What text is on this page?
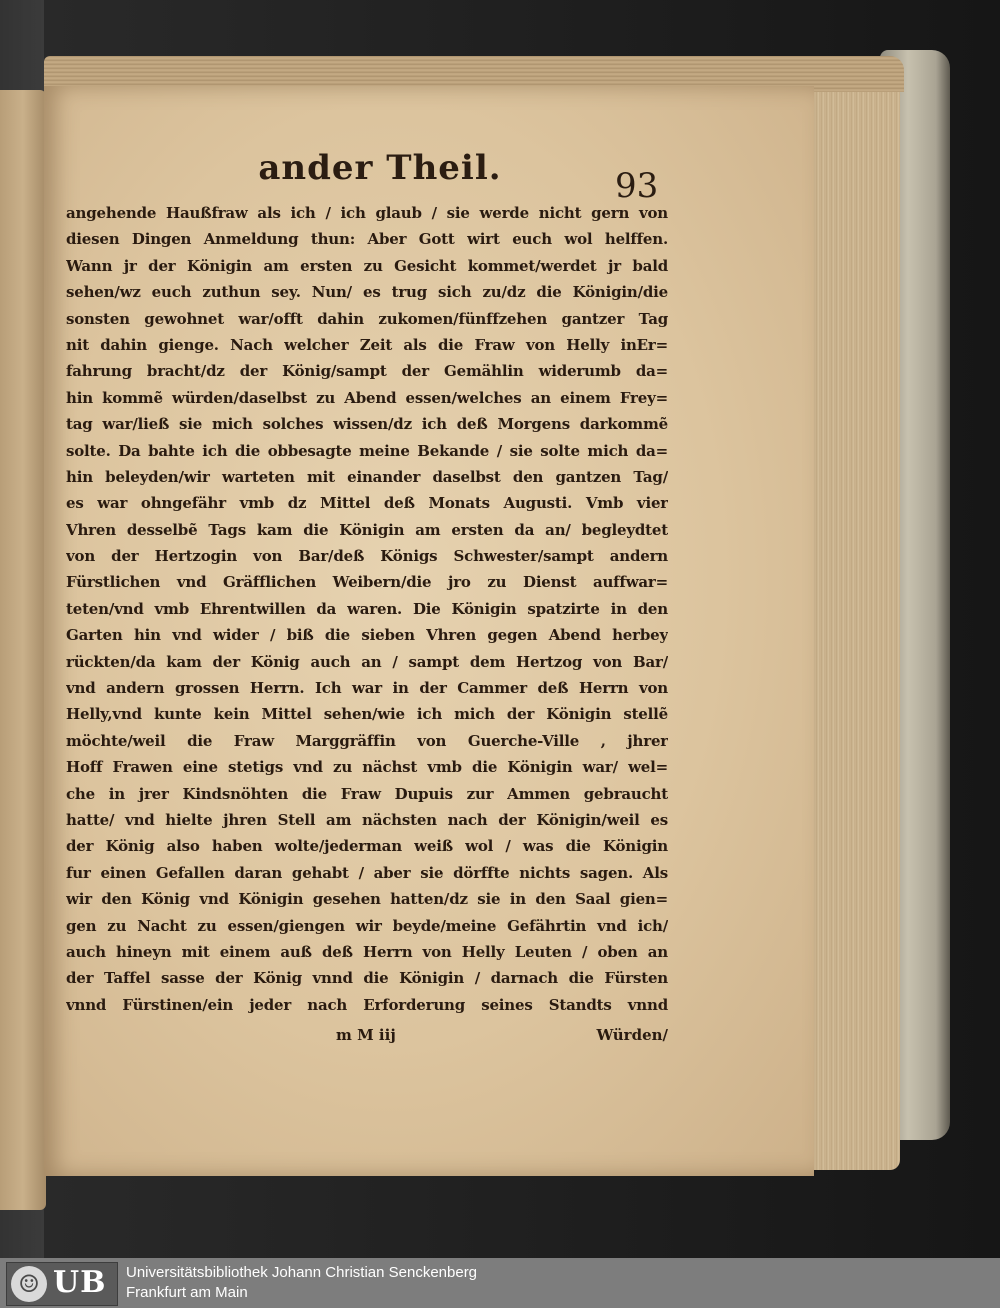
ander Theil.	93
angehende Haußfraw als ich / ich glaub / sie werde nicht gern von
diesen Dingen Anmeldung thun: Aber Gott wirt euch wol helffen.
Wann jr der Königin am ersten zu Gesicht kommet/werdet jr bald
sehen/wz euch zuthun sey. Nun/ es trug sich zu/dz die Königin/die
sonsten gewohnet war/offt dahin zukomen/fünffzehen gantzer Tag
nit dahin gienge. Nach welcher Zeit als die Fraw von Helly inEr=
fahrung bracht/dz der König/sampt der Gemählin widerumb da=
hin kommẽ würden/daselbst zu Abend essen/welches an einem Frey=
tag war/ließ sie mich solches wissen/dz ich deß Morgens darkommẽ
solte. Da bahte ich die obbesagte meine Bekande / sie solte mich da=
hin beleyden/wir warteten mit einander daselbst den gantzen Tag/
es war ohngefähr vmb dz Mittel deß Monats Augusti. Vmb vier
Vhren desselbẽ Tags kam die Königin am ersten da an/ begleydtet
von der Hertzogin von Bar/deß Königs Schwester/sampt andern
Fürstlichen vnd Gräfflichen Weibern/die jro zu Dienst auffwar=
teten/vnd vmb Ehrentwillen da waren. Die Königin spatzirte in den
Garten hin vnd wider / biß die sieben Vhren gegen Abend herbey
rückten/da kam der König auch an / sampt dem Hertzog von Bar/
vnd andern grossen Herrn. Ich war in der Cammer deß Herrn von
Helly,vnd kunte kein Mittel sehen/wie ich mich der Königin stellẽ
möchte/weil die Fraw Marggräffin von Guerche-Ville , jhrer
Hoff Frawen eine stetigs vnd zu nächst vmb die Königin war/ wel=
che in jrer Kindsnöhten die Fraw Dupuis zur Ammen gebraucht
hatte/ vnd hielte jhren Stell am nächsten nach der Königin/weil es
der König also haben wolte/jederman weiß wol / was die Königin
fur einen Gefallen daran gehabt / aber sie dörffte nichts sagen. Als
wir den König vnd Königin gesehen hatten/dz sie in den Saal gien=
gen zu Nacht zu essen/giengen wir beyde/meine Gefährtin vnd ich/
auch hineyn mit einem auß deß Herrn von Helly Leuten / oben an
der Taffel sasse der König vnnd die Königin / darnach die Fürsten
vnnd Fürstinen/ein jeder nach Erforderung seines Standts vnnd
m M iij	Würden/
☺ UB Universitätsbibliothek Johann Christian Senckenberg
Frankfurt am Main
